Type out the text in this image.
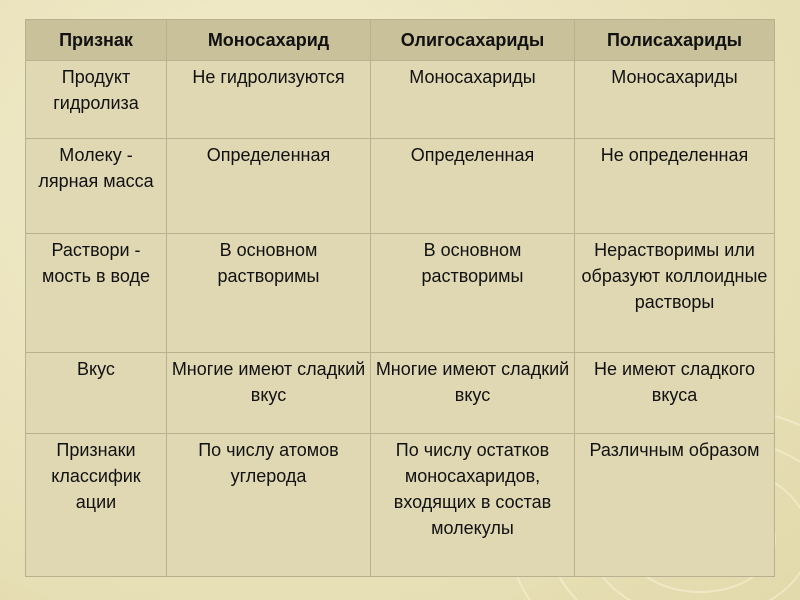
Признак	Моносахарид	Олигосахариды	Полисахариды
Продукт гидролиза	Не гидролизуются	Моносахариды	Моносахариды
Молеку - лярная масса	Определенная	Определенная	Не определенная
Раствори - мость в воде	В основном растворимы	В основном растворимы	Нерастворимы или образуют коллоидные растворы
Вкус	Многие имеют сладкий вкус	Многие имеют сладкий вкус	Не имеют сладкого вкуса
Признаки классифик ации	По числу атомов углерода	По числу остатков моносахаридов, входящих в состав молекулы	Различным образом
